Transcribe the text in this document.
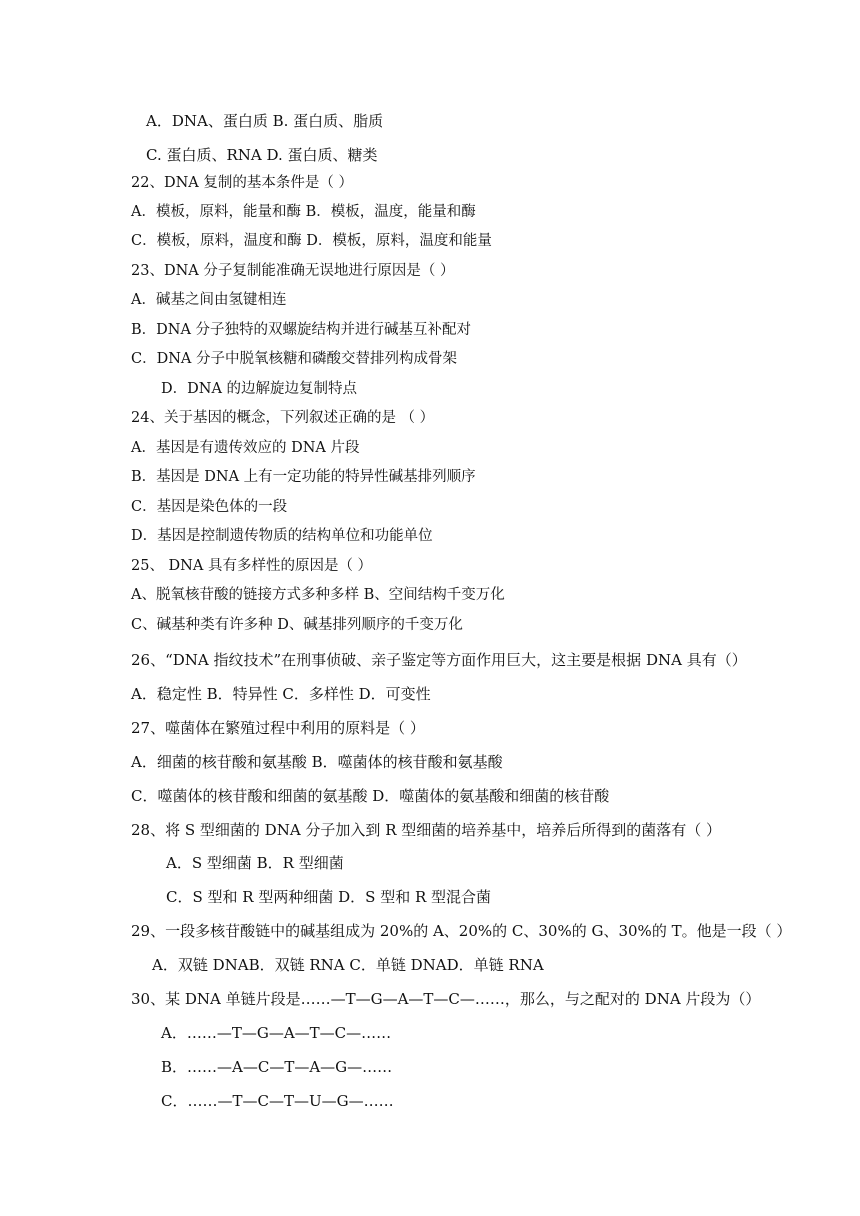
A．DNA、蛋白质 B. 蛋白质、脂质
C. 蛋白质、RNA D. 蛋白质、糖类
22、DNA 复制的基本条件是（ ）
A．模板，原料，能量和酶 B．模板，温度，能量和酶
C．模板，原料，温度和酶 D．模板，原料，温度和能量
23、DNA 分子复制能准确无误地进行原因是（ ）
A．碱基之间由氢键相连
B．DNA 分子独特的双螺旋结构并进行碱基互补配对
C．DNA 分子中脱氧核糖和磷酸交替排列构成骨架
D．DNA 的边解旋边复制特点
24、关于基因的概念，下列叙述正确的是 （ ）
A．基因是有遗传效应的 DNA 片段
B．基因是 DNA 上有一定功能的特异性碱基排列顺序
C．基因是染色体的一段
D．基因是控制遗传物质的结构单位和功能单位
25、 DNA 具有多样性的原因是（ ）
A、脱氧核苷酸的链接方式多种多样 B、空间结构千变万化
C、碱基种类有许多种 D、碱基排列顺序的千变万化
26、“DNA 指纹技术”在刑事侦破、亲子鉴定等方面作用巨大，这主要是根据 DNA 具有（）
A．稳定性 B．特异性 C．多样性 D．可变性
27、噬菌体在繁殖过程中利用的原料是（ ）
A．细菌的核苷酸和氨基酸 B．噬菌体的核苷酸和氨基酸
C．噬菌体的核苷酸和细菌的氨基酸 D．噬菌体的氨基酸和细菌的核苷酸
28、将 S 型细菌的 DNA 分子加入到 R 型细菌的培养基中，培养后所得到的菌落有（ ）
A．S 型细菌 B．R 型细菌
C．S 型和 R 型两种细菌 D．S 型和 R 型混合菌
29、一段多核苷酸链中的碱基组成为 20%的 A、20%的 C、30%的 G、30%的 T。他是一段（ ）
A．双链 DNAB．双链 RNA C．单链 DNAD．单链 RNA
30、某 DNA 单链片段是……—T—G—A—T—C—……，那么，与之配对的 DNA 片段为（）
A．……—T—G—A—T—C—……
B．……—A—C—T—A—G—……
C．……—T—C—T—U—G—……
